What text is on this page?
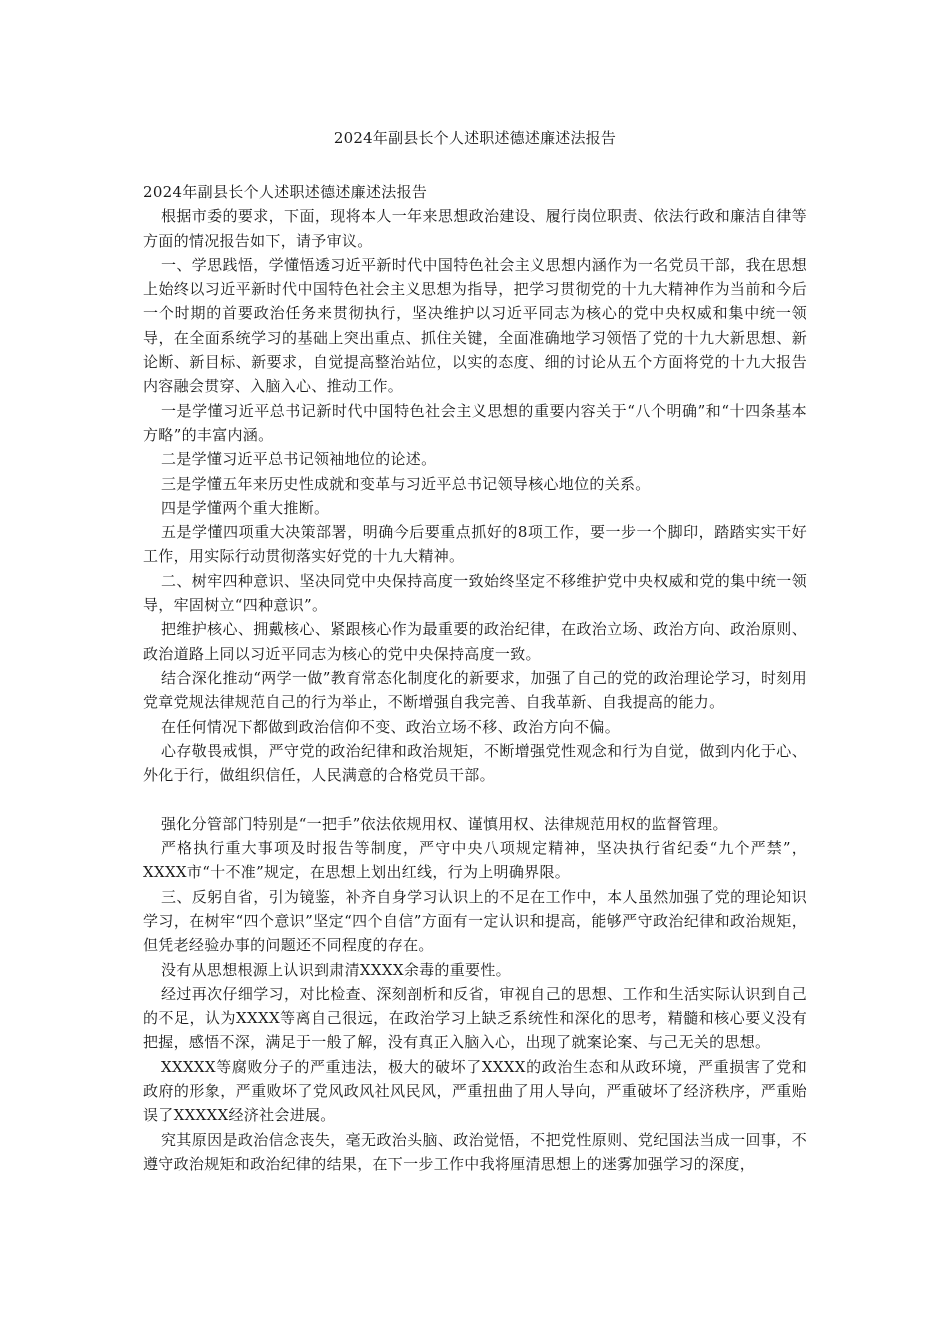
2024年副县长个人述职述德述廉述法报告

2024年副县长个人述职述德述廉述法报告

根据市委的要求，下面，现将本人一年来思想政治建设、履行岗位职责、依法行政和廉洁自律等方面的情况报告如下，请予审议。

一、学思践悟，学懂悟透习近平新时代中国特色社会主义思想内涵作为一名党员干部，我在思想上始终以习近平新时代中国特色社会主义思想为指导，把学习贯彻党的十九大精神作为当前和今后一个时期的首要政治任务来贯彻执行，坚决维护以习近平同志为核心的党中央权威和集中统一领导，在全面系统学习的基础上突出重点、抓住关键，全面准确地学习领悟了党的十九大新思想、新论断、新目标、新要求，自觉提高整治站位，以实的态度、细的讨论从五个方面将党的十九大报告内容融会贯穿、入脑入心、推动工作。

一是学懂习近平总书记新时代中国特色社会主义思想的重要内容关于“八个明确”和“十四条基本方略”的丰富内涵。

二是学懂习近平总书记领袖地位的论述。

三是学懂五年来历史性成就和变革与习近平总书记领导核心地位的关系。

四是学懂两个重大推断。

五是学懂四项重大决策部署，明确今后要重点抓好的8项工作，要一步一个脚印，踏踏实实干好工作，用实际行动贯彻落实好党的十九大精神。

二、树牢四种意识、坚决同党中央保持高度一致始终坚定不移维护党中央权威和党的集中统一领导，牢固树立“四种意识”。

把维护核心、拥戴核心、紧跟核心作为最重要的政治纪律，在政治立场、政治方向、政治原则、政治道路上同以习近平同志为核心的党中央保持高度一致。

结合深化推动“两学一做”教育常态化制度化的新要求，加强了自己的党的政治理论学习，时刻用党章党规法律规范自己的行为举止，不断增强自我完善、自我革新、自我提高的能力。

在任何情况下都做到政治信仰不变、政治立场不移、政治方向不偏。

心存敬畏戒惧，严守党的政治纪律和政治规矩，不断增强党性观念和行为自觉，做到内化于心、外化于行，做组织信任，人民满意的合格党员干部。

强化分管部门特别是“一把手”依法依规用权、谨慎用权、法律规范用权的监督管理。

严格执行重大事项及时报告等制度，严守中央八项规定精神，坚决执行省纪委“九个严禁”，XXXX市“十不准”规定，在思想上划出红线，行为上明确界限。

三、反躬自省，引为镜鉴，补齐自身学习认识上的不足在工作中，本人虽然加强了党的理论知识学习，在树牢“四个意识”坚定“四个自信”方面有一定认识和提高，能够严守政治纪律和政治规矩，但凭老经验办事的问题还不同程度的存在。

没有从思想根源上认识到肃清XXXX余毒的重要性。

经过再次仔细学习，对比检查、深刻剖析和反省，审视自己的思想、工作和生活实际认识到自己的不足，认为XXXX等离自己很远，在政治学习上缺乏系统性和深化的思考，精髓和核心要义没有把握，感悟不深，满足于一般了解，没有真正入脑入心，出现了就案论案、与己无关的思想。

XXXXX等腐败分子的严重违法，极大的破坏了XXXX的政治生态和从政环境，严重损害了党和政府的形象，严重败坏了党风政风社风民风，严重扭曲了用人导向，严重破坏了经济秩序，严重贻误了XXXXX经济社会进展。

究其原因是政治信念丧失，毫无政治头脑、政治觉悟，不把党性原则、党纪国法当成一回事，不遵守政治规矩和政治纪律的结果，在下一步工作中我将厘清思想上的迷雾加强学习的深度，
